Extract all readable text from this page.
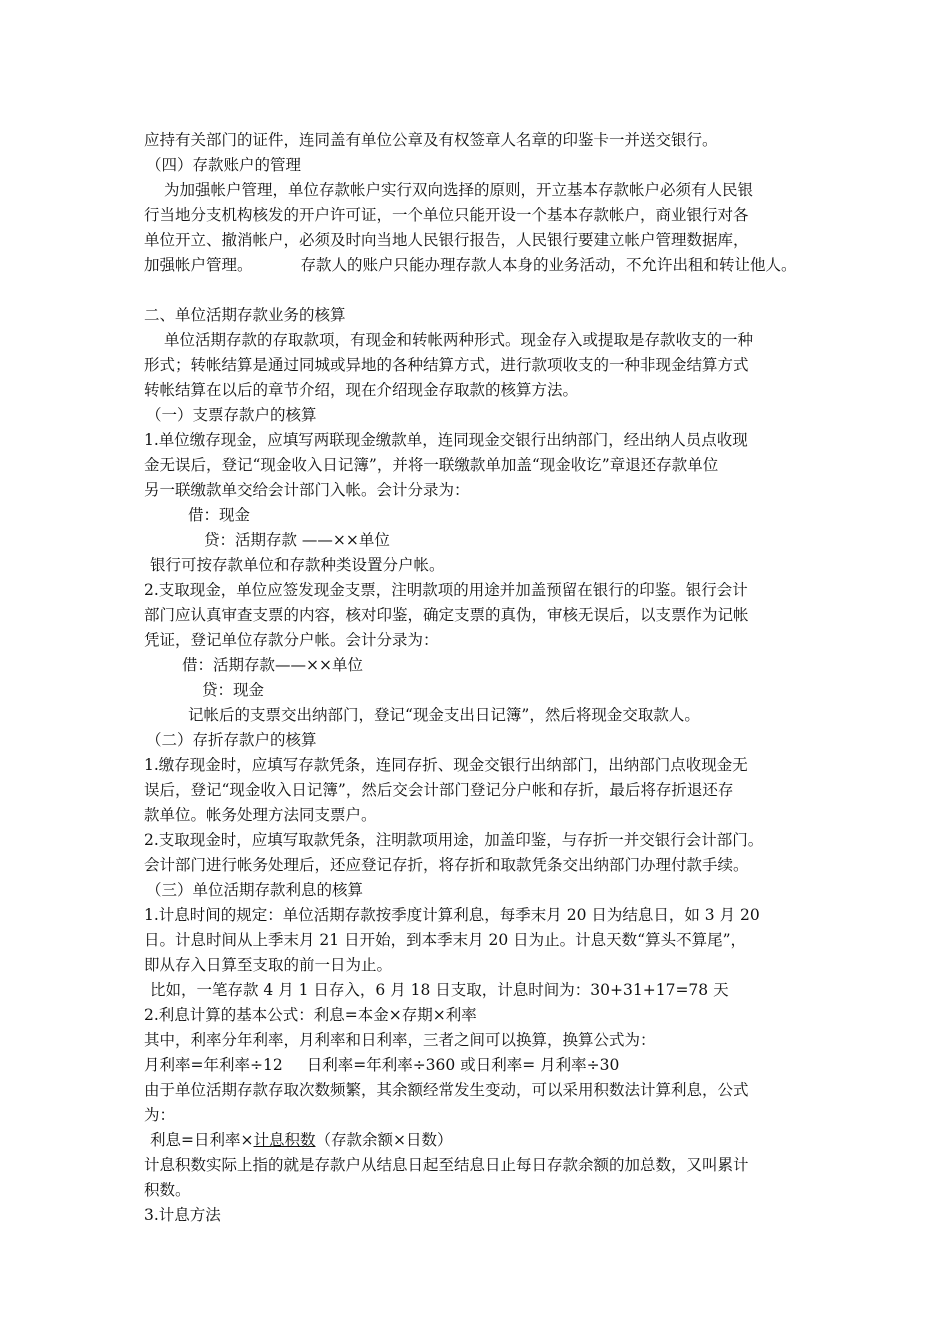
应持有关部门的证件，连同盖有单位公章及有权签章人名章的印鉴卡一并送交银行。
（四）存款账户的管理
为加强帐户管理，单位存款帐户实行双向选择的原则，开立基本存款帐户必须有人民银
行当地分支机构核发的开户许可证，一个单位只能开设一个基本存款帐户，商业银行对各
单位开立、撤消帐户，必须及时向当地人民银行报告，人民银行要建立帐户管理数据库，
加强帐户管理。	存款人的账户只能办理存款人本身的业务活动，不允许出租和转让他人。
二、单位活期存款业务的核算
单位活期存款的存取款项，有现金和转帐两种形式。现金存入或提取是存款收支的一种
形式；转帐结算是通过同城或异地的各种结算方式，进行款项收支的一种非现金结算方式
转帐结算在以后的章节介绍，现在介绍现金存取款的核算方法。
（一）支票存款户的核算
1.单位缴存现金，应填写两联现金缴款单，连同现金交银行出纳部门，经出纳人员点收现
金无误后，登记“现金收入日记簿”，并将一联缴款单加盖“现金收讫”章退还存款单位
另一联缴款单交给会计部门入帐。会计分录为：
借：现金
贷：活期存款 ——××单位
银行可按存款单位和存款种类设置分户帐。
2.支取现金，单位应签发现金支票，注明款项的用途并加盖预留在银行的印鉴。银行会计
部门应认真审查支票的内容，核对印鉴，确定支票的真伪，审核无误后，以支票作为记帐
凭证，登记单位存款分户帐。会计分录为：
借：活期存款——××单位
贷：现金
记帐后的支票交出纳部门，登记“现金支出日记簿”，然后将现金交取款人。
（二）存折存款户的核算
1.缴存现金时，应填写存款凭条，连同存折、现金交银行出纳部门，出纳部门点收现金无
误后，登记“现金收入日记簿”，然后交会计部门登记分户帐和存折，最后将存折退还存
款单位。帐务处理方法同支票户。
2.支取现金时，应填写取款凭条，注明款项用途，加盖印鉴，与存折一并交银行会计部门。
会计部门进行帐务处理后，还应登记存折，将存折和取款凭条交出纳部门办理付款手续。
（三）单位活期存款利息的核算
1.计息时间的规定：单位活期存款按季度计算利息，每季末月 20 日为结息日，如 3 月 20
日。计息时间从上季末月 21 日开始，到本季末月 20 日为止。计息天数“算头不算尾”，
即从存入日算至支取的前一日为止。
比如，一笔存款 4 月 1 日存入，6 月 18 日支取，计息时间为：30+31+17=78 天
2.利息计算的基本公式：利息=本金×存期×利率
其中，利率分年利率，月利率和日利率，三者之间可以换算，换算公式为：
月利率=年利率÷12 日利率=年利率÷360 或日利率= 月利率÷30
由于单位活期存款存取次数频繁，其余额经常发生变动，可以采用积数法计算利息，公式
为：
利息=日利率×计息积数（存款余额×日数）
计息积数实际上指的就是存款户从结息日起至结息日止每日存款余额的加总数，又叫累计
积数。
3.计息方法
